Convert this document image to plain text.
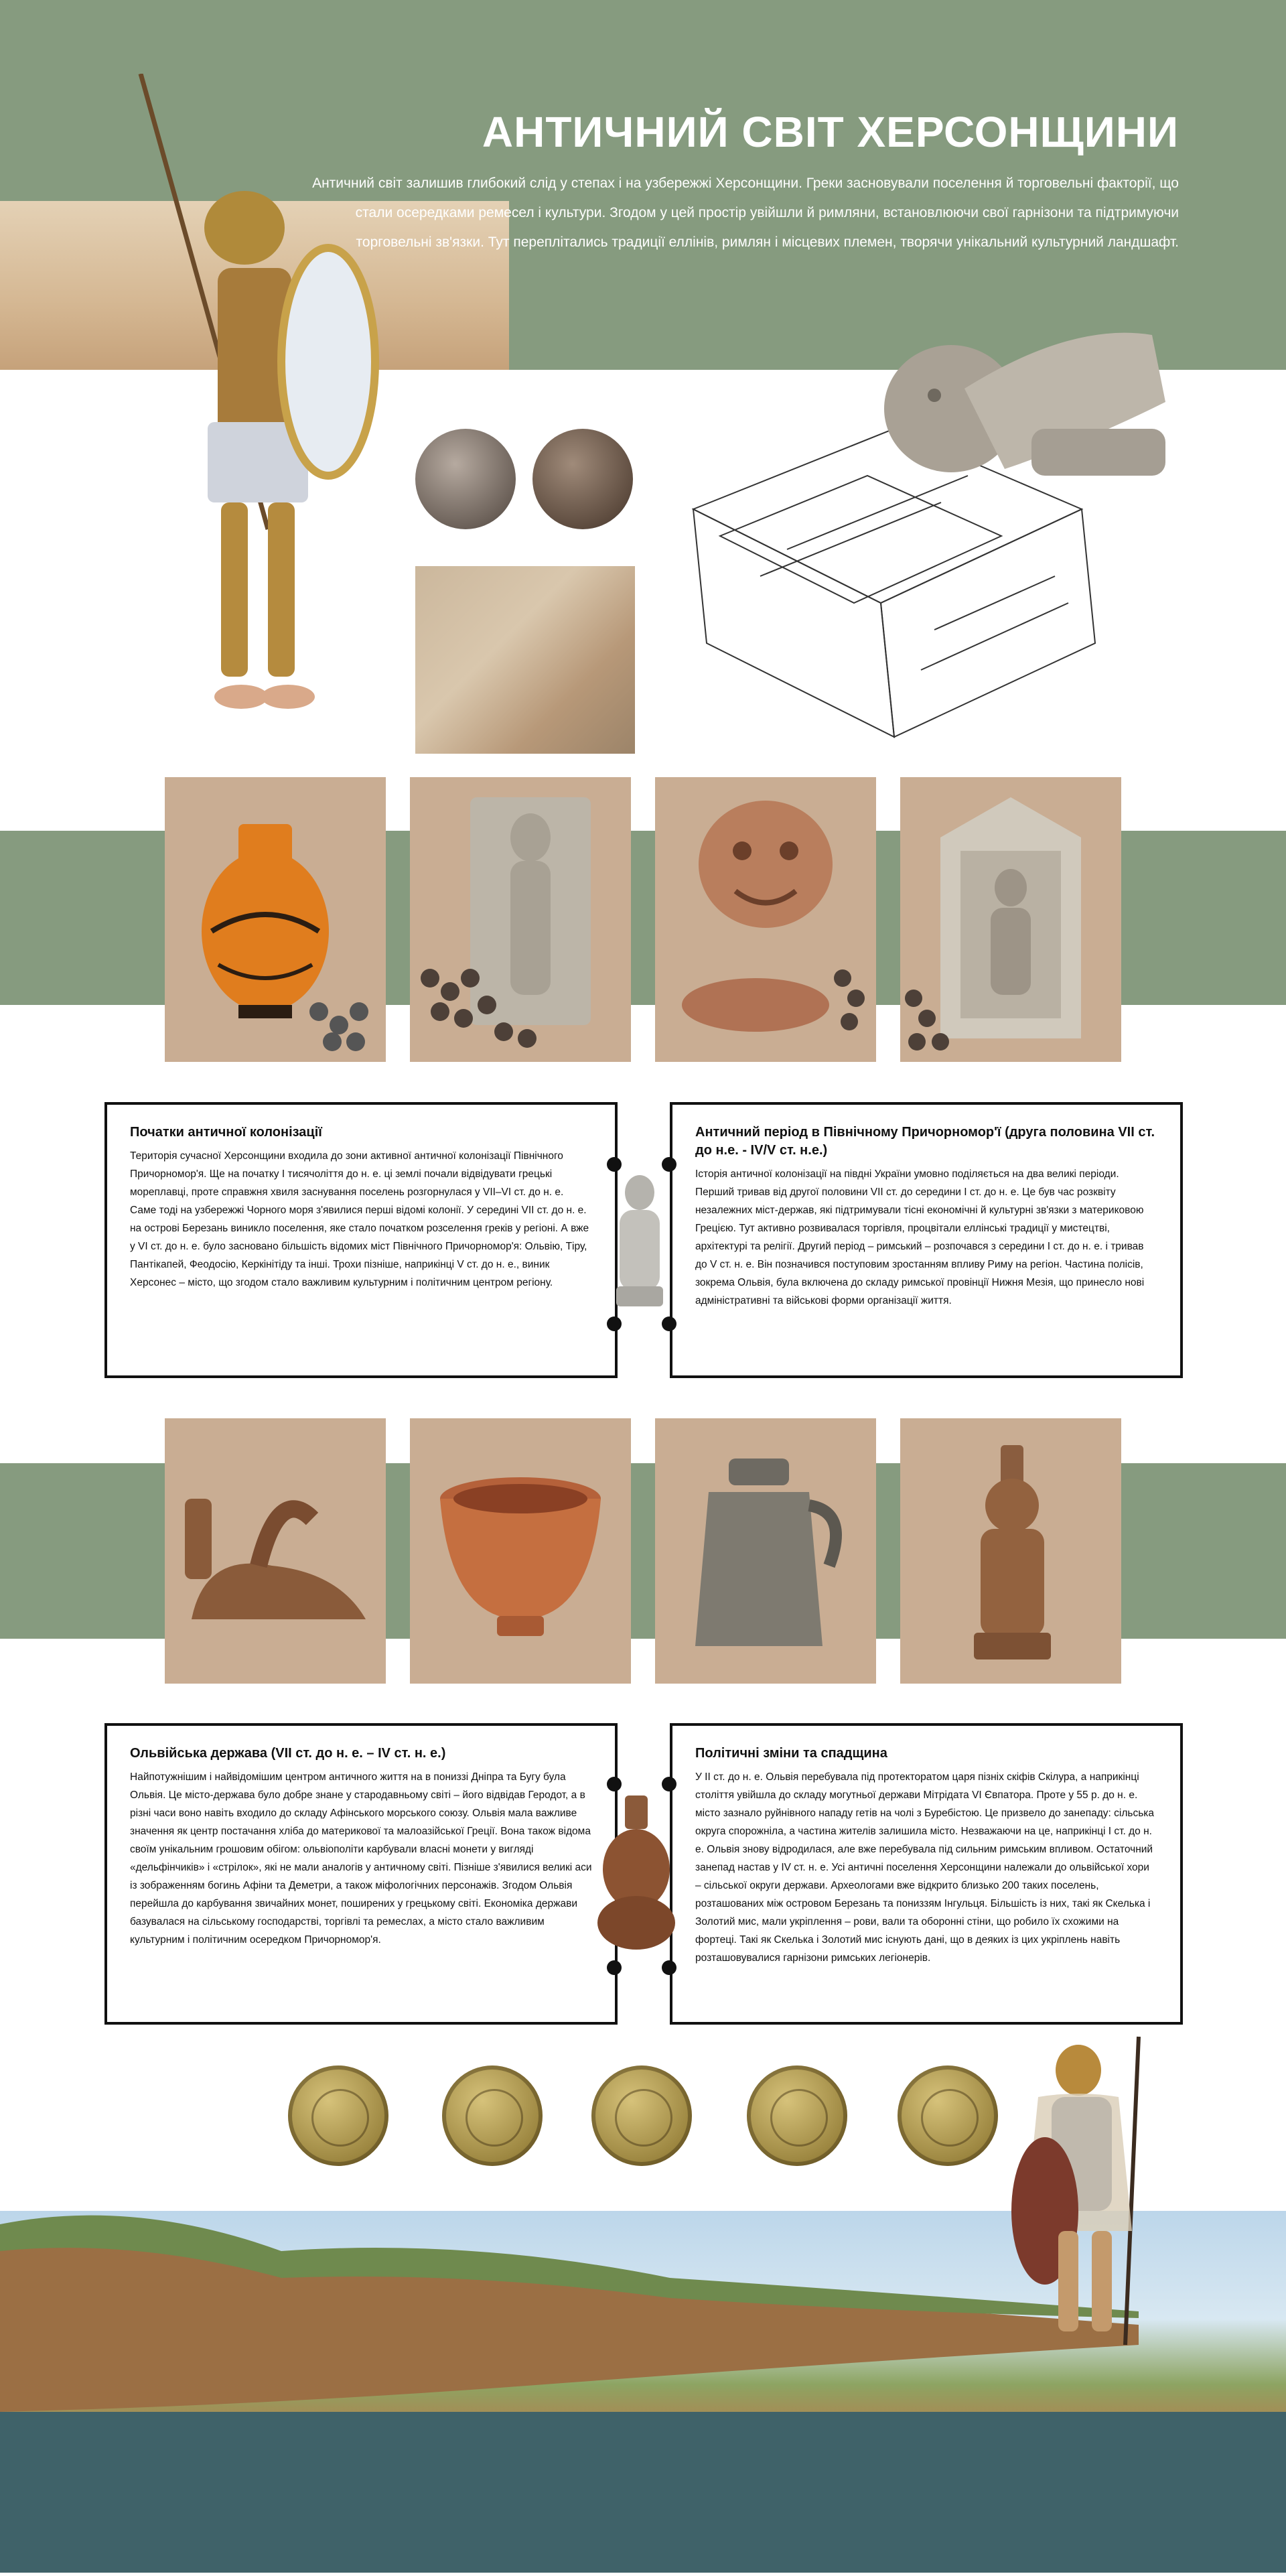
АНТИЧНИЙ СВІТ ХЕРСОНЩИНИ
Античний світ залишив глибокий слід у степах і на узбережжі Херсонщини. Греки засновували поселення й торговельні факторії, що стали осередками ремесел і культури. Згодом у цей простір увійшли й римляни, встановлюючи свої гарнізони та підтримуючи торговельні зв'язки. Тут переплітались традиції еллінів, римлян і місцевих племен, творячи унікальний культурний ландшафт.
Початки античної колонізації

Територія сучасної Херсонщини входила до зони активної античної колонізації Північного Причорномор'я. Ще на початку I тисячоліття до н. е. цi землі почали відвідувати грецькі мореплавці, проте справжня хвиля заснування поселень розгорнулася у VII–VI ст. до н. е. Саме тоді на узбережжі Чорного моря з'явилися перші відомі колонії. У середині VII ст. до н. е. на острові Березань виникло поселення, яке стало початком розселення греків у регіоні. А вже у VI ст. до н. е. було засновано більшість відомих міст Північного Причорномор'я: Ольвію, Тіру, Пантікапей, Феодосію, Керкінітіду та інші. Трохи пізніше, наприкінці V ст. до н. е., виник Херсонес – місто, що згодом стало важливим культурним і політичним центром регіону.

Античний період в Північному Причорномор'ї (друга половина VII ст. до н.е. - IV/V ст. н.е.)

Історія античної колонізації на півдні України умовно поділяється на два великі періоди. Перший тривав від другої половини VII ст. до середини I ст. до н. е. Це був час розквіту незалежних міст-держав, які підтримували тісні економічні й культурні зв'язки з материковою Грецією. Тут активно розвивалася торгівля, процвітали еллінські традиції у мистецтві, архітектурі та релігії. Другий період – римський – розпочався з середини I ст. до н. е. і тривав до V ст. н. е. Він позначився поступовим зростанням впливу Риму на регіон. Частина полісів, зокрема Ольвія, була включена до складу римської провінції Нижня Мезія, що принесло нові адміністративні та військові форми організації життя.

Ольвійська держава (VII ст. до н. е. – IV ст. н. е.)

Найпотужнішим і найвідомішим центром античного життя на в пониззі Дніпра та Бугу була Ольвія. Це місто-держава було добре знане у стародавньому світі – його відвідав Геродот, а в різні часи воно навіть входило до складу Афінського морського союзу. Ольвія мала важливе значення як центр постачання хліба до материкової та малоазійської Греції. Вона також відома своїм унікальним грошовим обігом: ольвіополіти карбували власні монети у вигляді «дельфінчиків» і «стрілок», які не мали аналогів у античному світі. Пізніше з'явилися великі аси із зображенням богинь Афіни та Деметри, а також міфологічних персонажів. Згодом Ольвія перейшла до карбування звичайних монет, поширених у грецькому світі. Економіка держави базувалася на сільському господарстві, торгівлі та ремеслах, а місто стало важливим культурним і політичним осередком Причорномор'я.

Політичні зміни та спадщина

У II ст. до н. е. Ольвія перебувала під протекторатом царя пізніх скіфів Скілура, а наприкінці століття увійшла до складу могутньої держави Мітрідата VI Євпатора. Проте у 55 р. до н. е. місто зазнало руйнівного нападу гетів на чолі з Буребістою. Це призвело до занепаду: сільська округа спорожніла, а частина жителів залишила місто. Незважаючи на це, наприкінці I ст. до н. е. Ольвія знову відродилася, але вже перебувала під сильним римським впливом. Остаточний занепад настав у IV ст. н. е. Усі античні поселення Херсонщини належали до ольвійської хори – сільської округи держави. Археологами вже відкрито близько 200 таких поселень, розташованих між островом Березань та пониззям Інгульця. Більшість із них, такі як Скелька і Золотий мис, мали укріплення – рови, вали та оборонні стіни, що робило їх схожими на фортеці. Такі як Скелька і Золотий мис існують дані, що в деяких із цих укріплень навіть розташовувалися гарнізони римських легіонерів.
